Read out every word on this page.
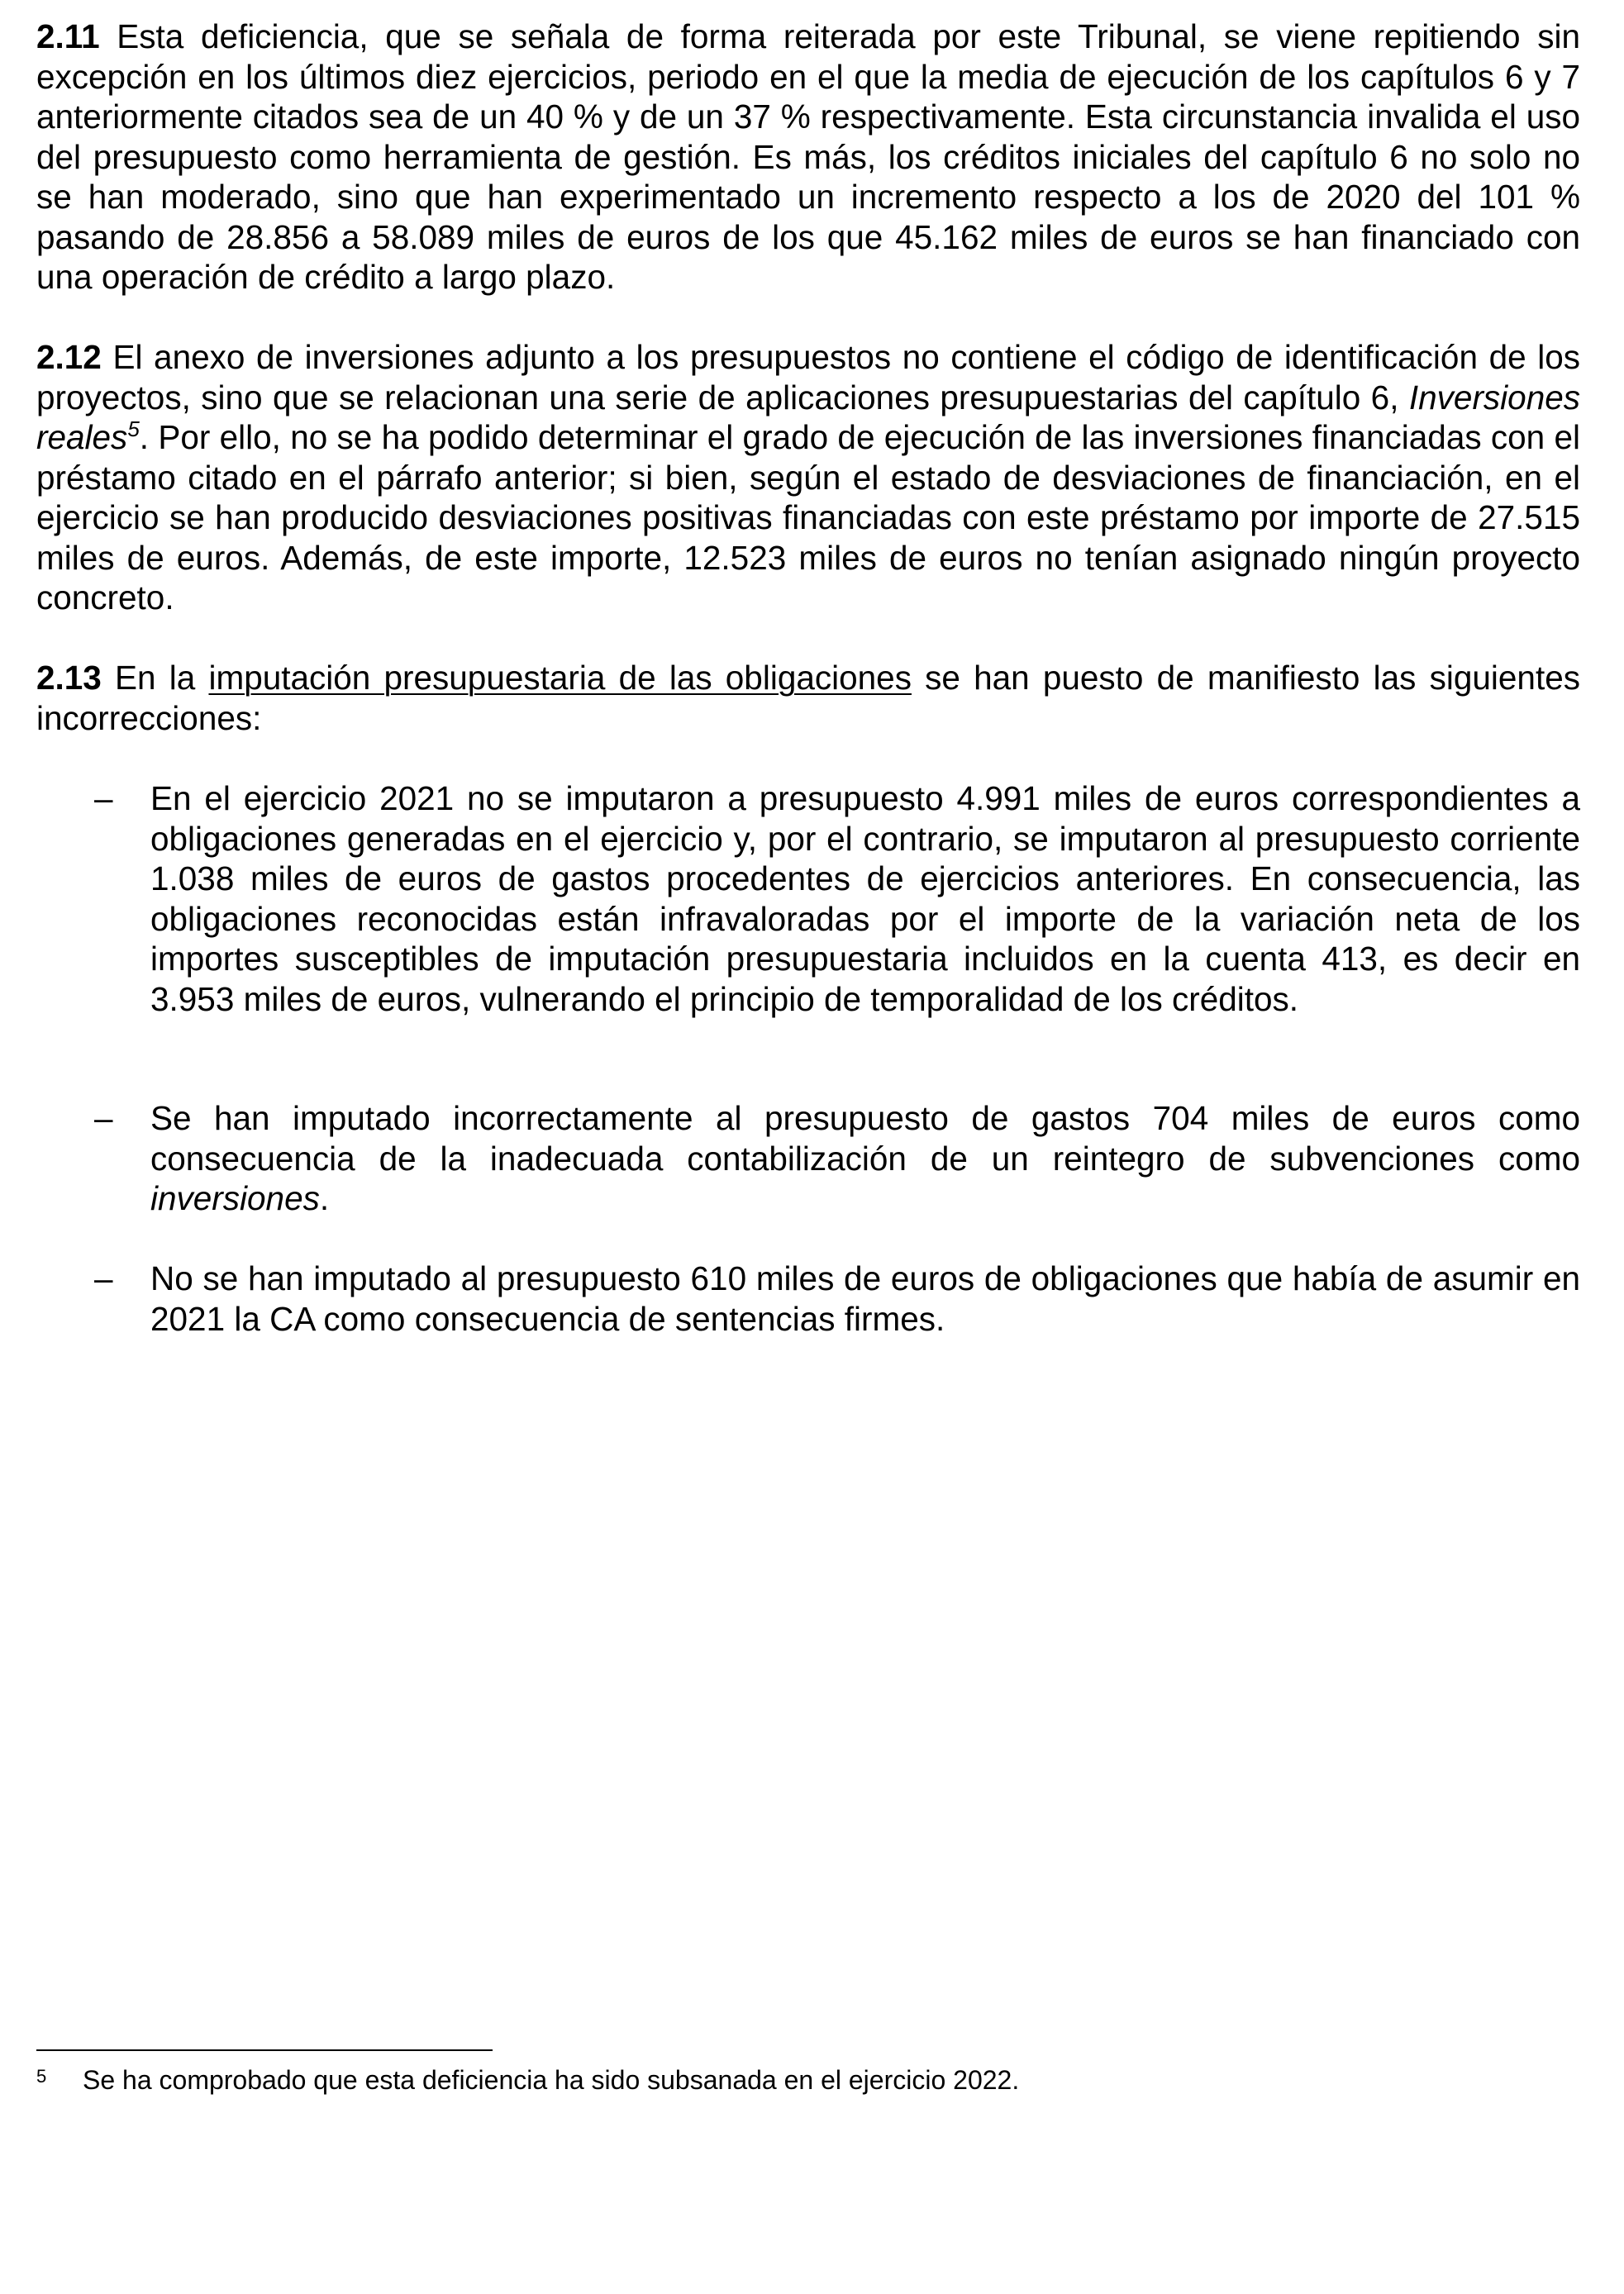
2.11 Esta deficiencia, que se señala de forma reiterada por este Tribunal, se viene repitiendo sin excepción en los últimos diez ejercicios, periodo en el que la media de ejecución de los capítulos 6 y 7 anteriormente citados sea de un 40 % y de un 37 % respectivamente. Esta circunstancia invalida el uso del presupuesto como herramienta de gestión. Es más, los créditos iniciales del capítulo 6 no solo no se han moderado, sino que han experimentado un incremento respecto a los de 2020 del 101 % pasando de 28.856 a 58.089 miles de euros de los que 45.162 miles de euros se han financiado con una operación de crédito a largo plazo.

2.12 El anexo de inversiones adjunto a los presupuestos no contiene el código de identificación de los proyectos, sino que se relacionan una serie de aplicaciones presupuestarias del capítulo 6, Inversiones reales$^5$. Por ello, no se ha podido determinar el grado de ejecución de las inversiones financiadas con el préstamo citado en el párrafo anterior; si bien, según el estado de desviaciones de financiación, en el ejercicio se han producido desviaciones positivas financiadas con este préstamo por importe de 27.515 miles de euros. Además, de este importe, 12.523 miles de euros no tenían asignado ningún proyecto concreto.

2.13 En la imputación presupuestaria de las obligaciones se han puesto de manifiesto las siguientes incorrecciones:

–	En el ejercicio 2021 no se imputaron a presupuesto 4.991 miles de euros correspondientes a obligaciones generadas en el ejercicio y, por el contrario, se imputaron al presupuesto corriente 1.038 miles de euros de gastos procedentes de ejercicios anteriores. En consecuencia, las obligaciones reconocidas están infravaloradas por el importe de la variación neta de los importes susceptibles de imputación presupuestaria incluidos en la cuenta 413, es decir en 3.953 miles de euros, vulnerando el principio de temporalidad de los créditos.

–	Se han imputado incorrectamente al presupuesto de gastos 704 miles de euros como consecuencia de la inadecuada contabilización de un reintegro de subvenciones como inversiones.

–	No se han imputado al presupuesto 610 miles de euros de obligaciones que había de asumir en 2021 la CA como consecuencia de sentencias firmes.

5 Se ha comprobado que esta deficiencia ha sido subsanada en el ejercicio 2022.
